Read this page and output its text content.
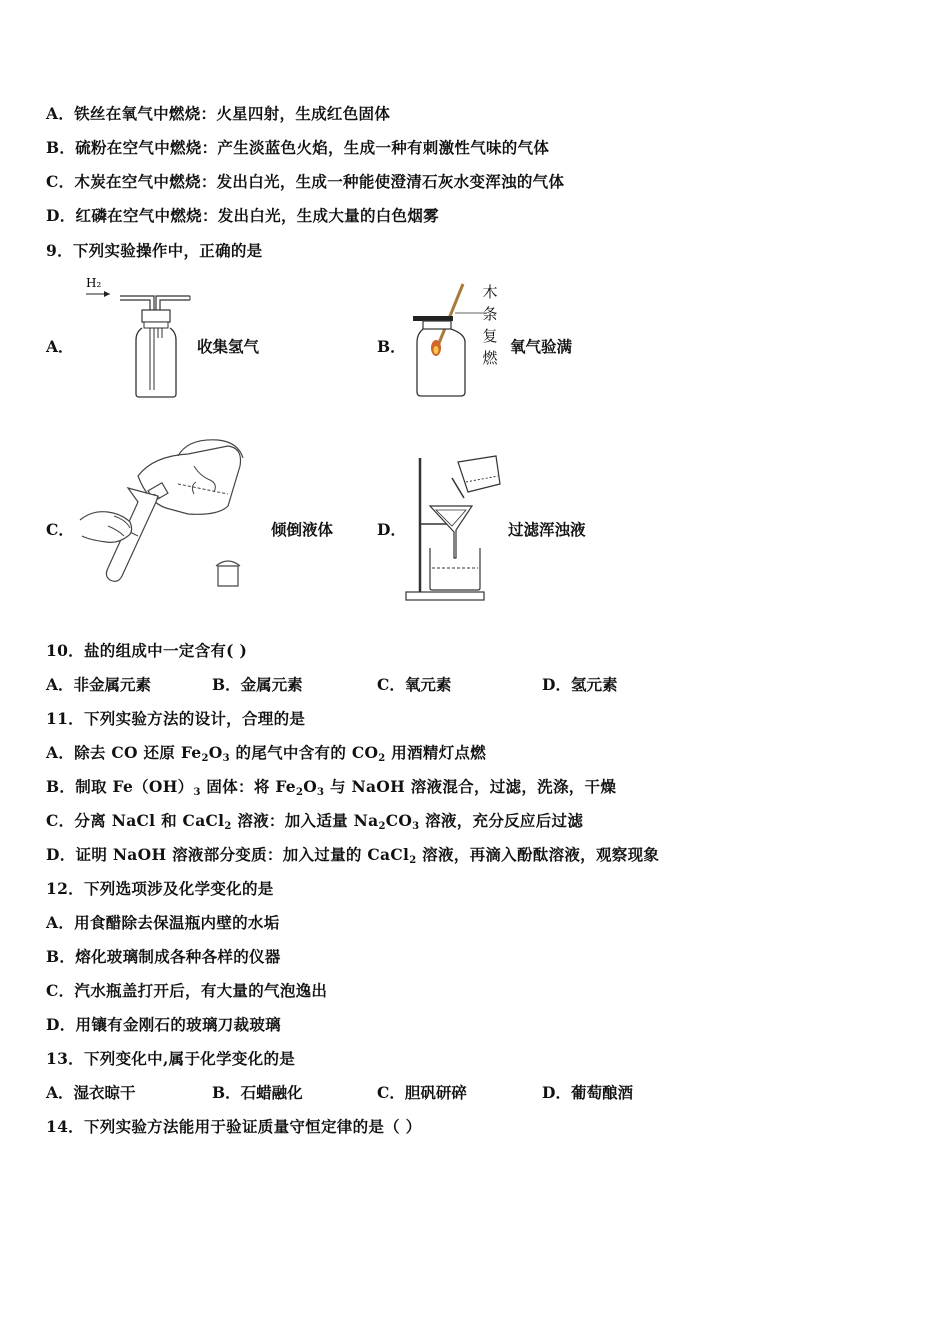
A．铁丝在氧气中燃烧：火星四射，生成红色固体
B．硫粉在空气中燃烧：产生淡蓝色火焰，生成一种有刺激性气味的气体
C．木炭在空气中燃烧：发出白光，生成一种能使澄清石灰水变浑浊的气体
D．红磷在空气中燃烧：发出白光，生成大量的白色烟雾
9．下列实验操作中，正确的是
A．
H₂
收集氢气	B．
木
条
复
燃
氧气验满
C．	倾倒液体	D．	过滤浑浊液
10．盐的组成中一定含有( )
A．非金属元素	B．金属元素	C．氧元素	D．氢元素
11．下列实验方法的设计，合理的是
A．除去 CO 还原 $Fe_2O_3$ 的尾气中含有的 $CO_2$ 用酒精灯点燃
B．制取 $Fe(OH)_3$ 固体：将 $Fe_2O_3$ 与 NaOH 溶液混合，过滤，洗涤，干燥
C．分离 NaCl 和 CaCl$_2$ 溶液：加入适量 $Na_2CO_3$ 溶液，充分反应后过滤
D．证明 NaOH 溶液部分变质：加入过量的 CaCl$_2$ 溶液，再滴入酚酞溶液，观察现象
12．下列选项涉及化学变化的是
A．用食醋除去保温瓶内壁的水垢
B．熔化玻璃制成各种各样的仪器
C．汽水瓶盖打开后，有大量的气泡逸出
D．用镶有金刚石的玻璃刀裁玻璃
13．下列变化中,属于化学变化的是
A．湿衣晾干	B．石蜡融化	C．胆矾研碎	D．葡萄酿酒
14．下列实验方法能用于验证质量守恒定律的是（ ）
